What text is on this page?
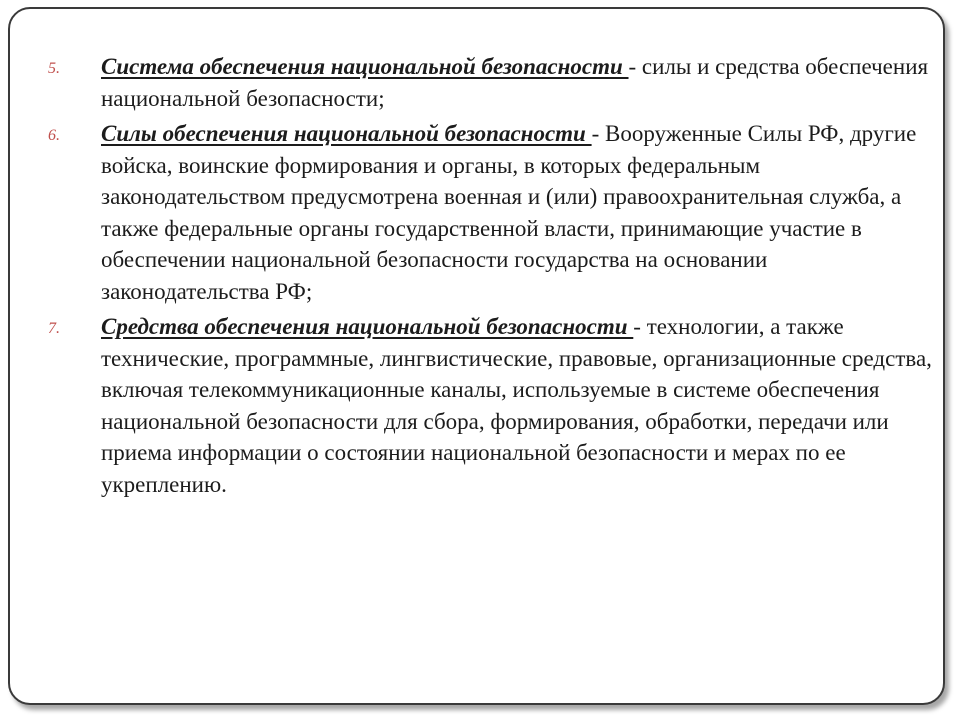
5. Система обеспечения национальной безопасности - силы и средства обеспечения национальной безопасности;
6. Силы обеспечения национальной безопасности - Вооруженные Силы РФ, другие войска, воинские формирования и органы, в которых федеральным законодательством предусмотрена военная и (или) правоохранительная служба, а также федеральные органы государственной власти, принимающие участие в обеспечении национальной безопасности государства на основании законодательства РФ;
7. Средства обеспечения национальной безопасности - технологии, а также технические, программные, лингвистические, правовые, организационные средства, включая телекоммуникационные каналы, используемые в системе обеспечения национальной безопасности для сбора, формирования, обработки, передачи или приема информации о состоянии национальной безопасности и мерах по ее укреплению.
